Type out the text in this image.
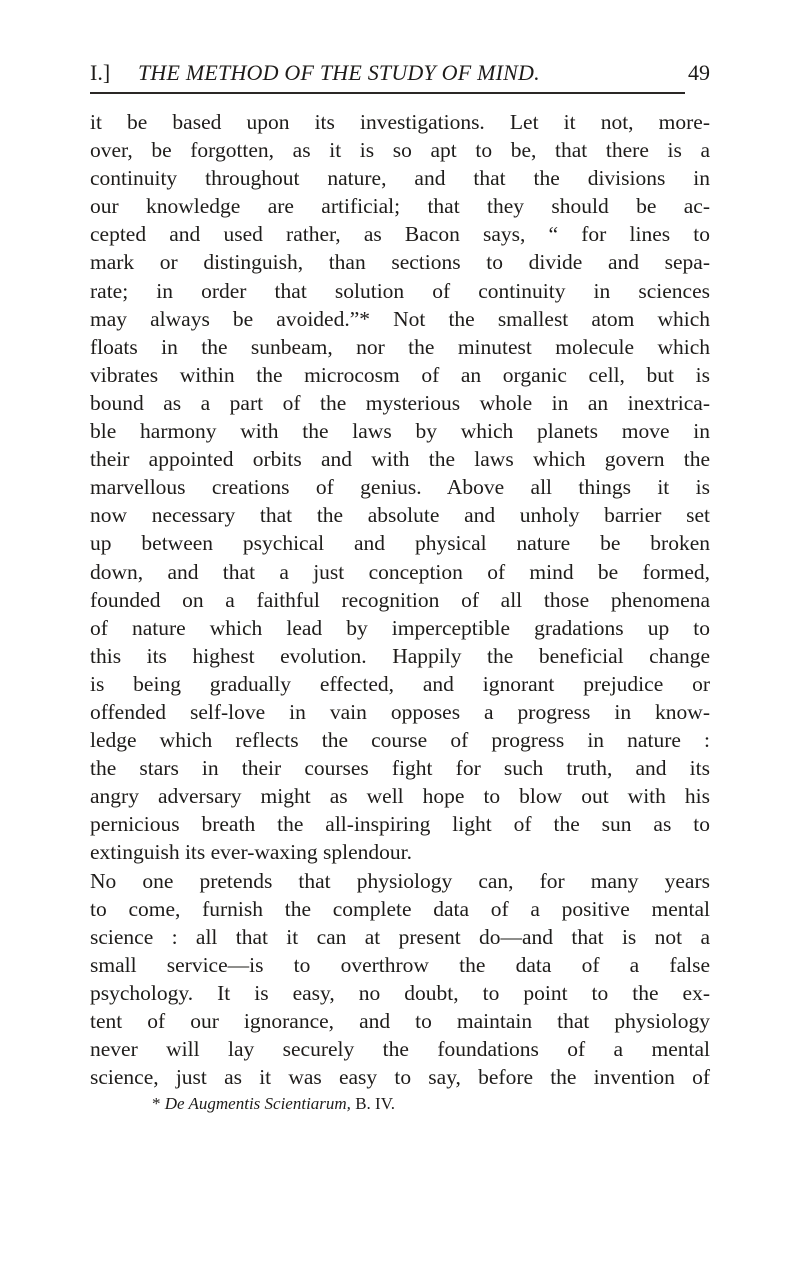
I.] THE METHOD OF THE STUDY OF MIND.	49
it be based upon its investigations. Let it not, more-
over, be forgotten, as it is so apt to be, that there is a
continuity throughout nature, and that the divisions in
our knowledge are artificial; that they should be ac-
cepted and used rather, as Bacon says, “ for lines to
mark or distinguish, than sections to divide and sepa-
rate; in order that solution of continuity in sciences
may always be avoided.”* Not the smallest atom which
floats in the sunbeam, nor the minutest molecule which
vibrates within the microcosm of an organic cell, but is
bound as a part of the mysterious whole in an inextrica-
ble harmony with the laws by which planets move in
their appointed orbits and with the laws which govern the
marvellous creations of genius. Above all things it is
now necessary that the absolute and unholy barrier set
up between psychical and physical nature be broken
down, and that a just conception of mind be formed,
founded on a faithful recognition of all those phenomena
of nature which lead by imperceptible gradations up to
this its highest evolution. Happily the beneficial change
is being gradually effected, and ignorant prejudice or
offended self-love in vain opposes a progress in know-
ledge which reflects the course of progress in nature :
the stars in their courses fight for such truth, and its
angry adversary might as well hope to blow out with his
pernicious breath the all-inspiring light of the sun as to
extinguish its ever-waxing splendour.
No one pretends that physiology can, for many years
to come, furnish the complete data of a positive mental
science : all that it can at present do—and that is not a
small service—is to overthrow the data of a false
psychology. It is easy, no doubt, to point to the ex-
tent of our ignorance, and to maintain that physiology
never will lay securely the foundations of a mental
science, just as it was easy to say, before the invention of
* De Augmentis Scientiarum, B. IV.
